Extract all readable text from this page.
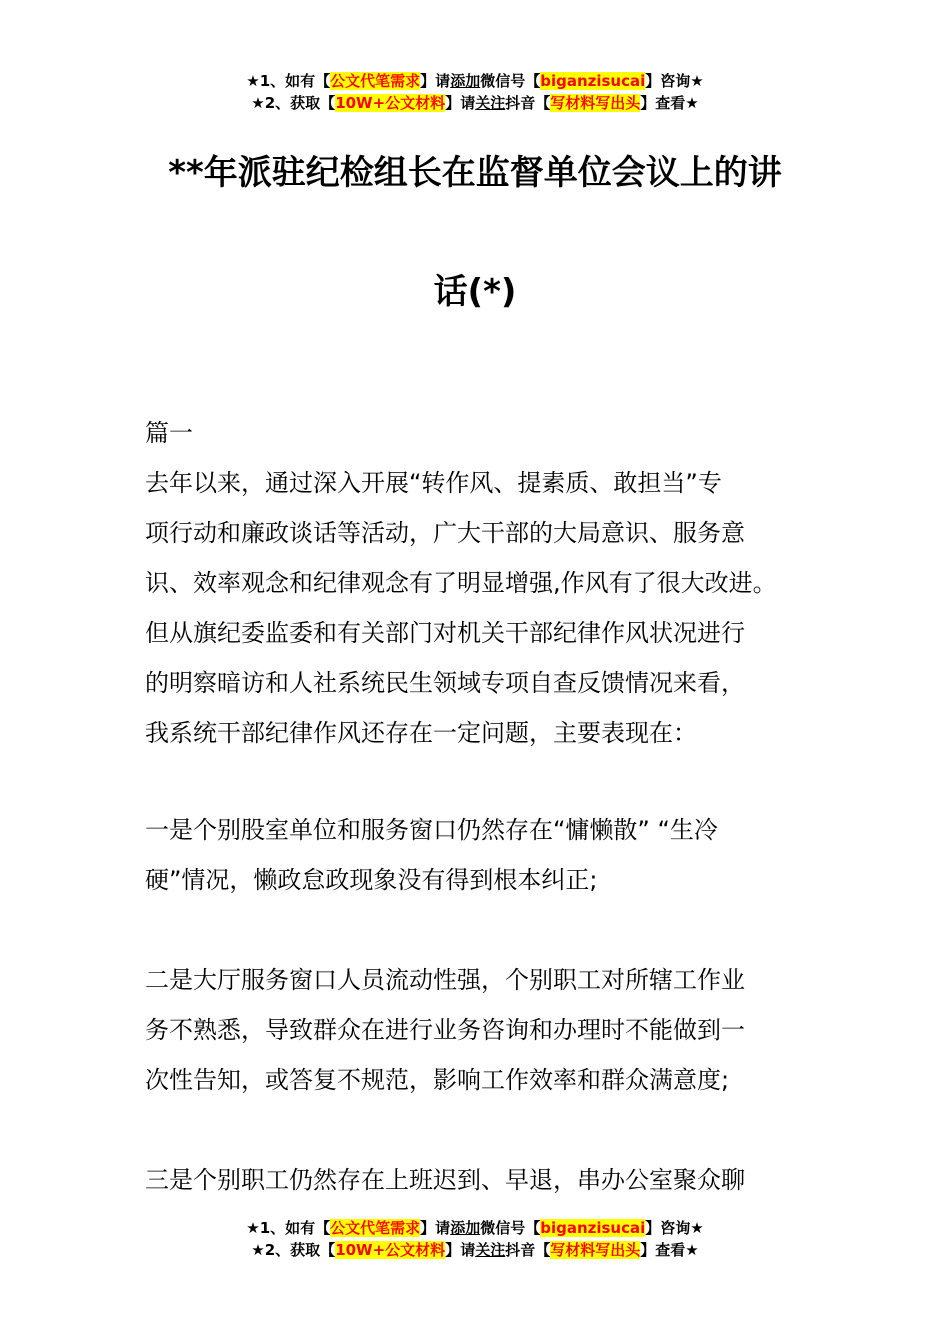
★1、如有【公文代笔需求】请添加微信号【biganzisucai】咨询★
★2、获取【10W+公文材料】请关注抖音【写材料写出头】查看★
**年派驻纪检组长在监督单位会议上的讲
话(*)

篇一

去年以来，通过深入开展“转作风、提素质、敢担当”专

项行动和廉政谈话等活动，广大干部的大局意识、服务意

识、效率观念和纪律观念有了明显增强,作风有了很大改进。

但从旗纪委监委和有关部门对机关干部纪律作风状况进行

的明察暗访和人社系统民生领域专项自查反馈情况来看，

我系统干部纪律作风还存在一定问题，主要表现在：

一是个别股室单位和服务窗口仍然存在“慵懒散” “生冷

硬”情况，懒政怠政现象没有得到根本纠正;

二是大厅服务窗口人员流动性强，个别职工对所辖工作业

务不熟悉，导致群众在进行业务咨询和办理时不能做到一

次性告知，或答复不规范，影响工作效率和群众满意度;

三是个别职工仍然存在上班迟到、早退，串办公室聚众聊

★1、如有【公文代笔需求】请添加微信号【biganzisucai】咨询★
★2、获取【10W+公文材料】请关注抖音【写材料写出头】查看★
